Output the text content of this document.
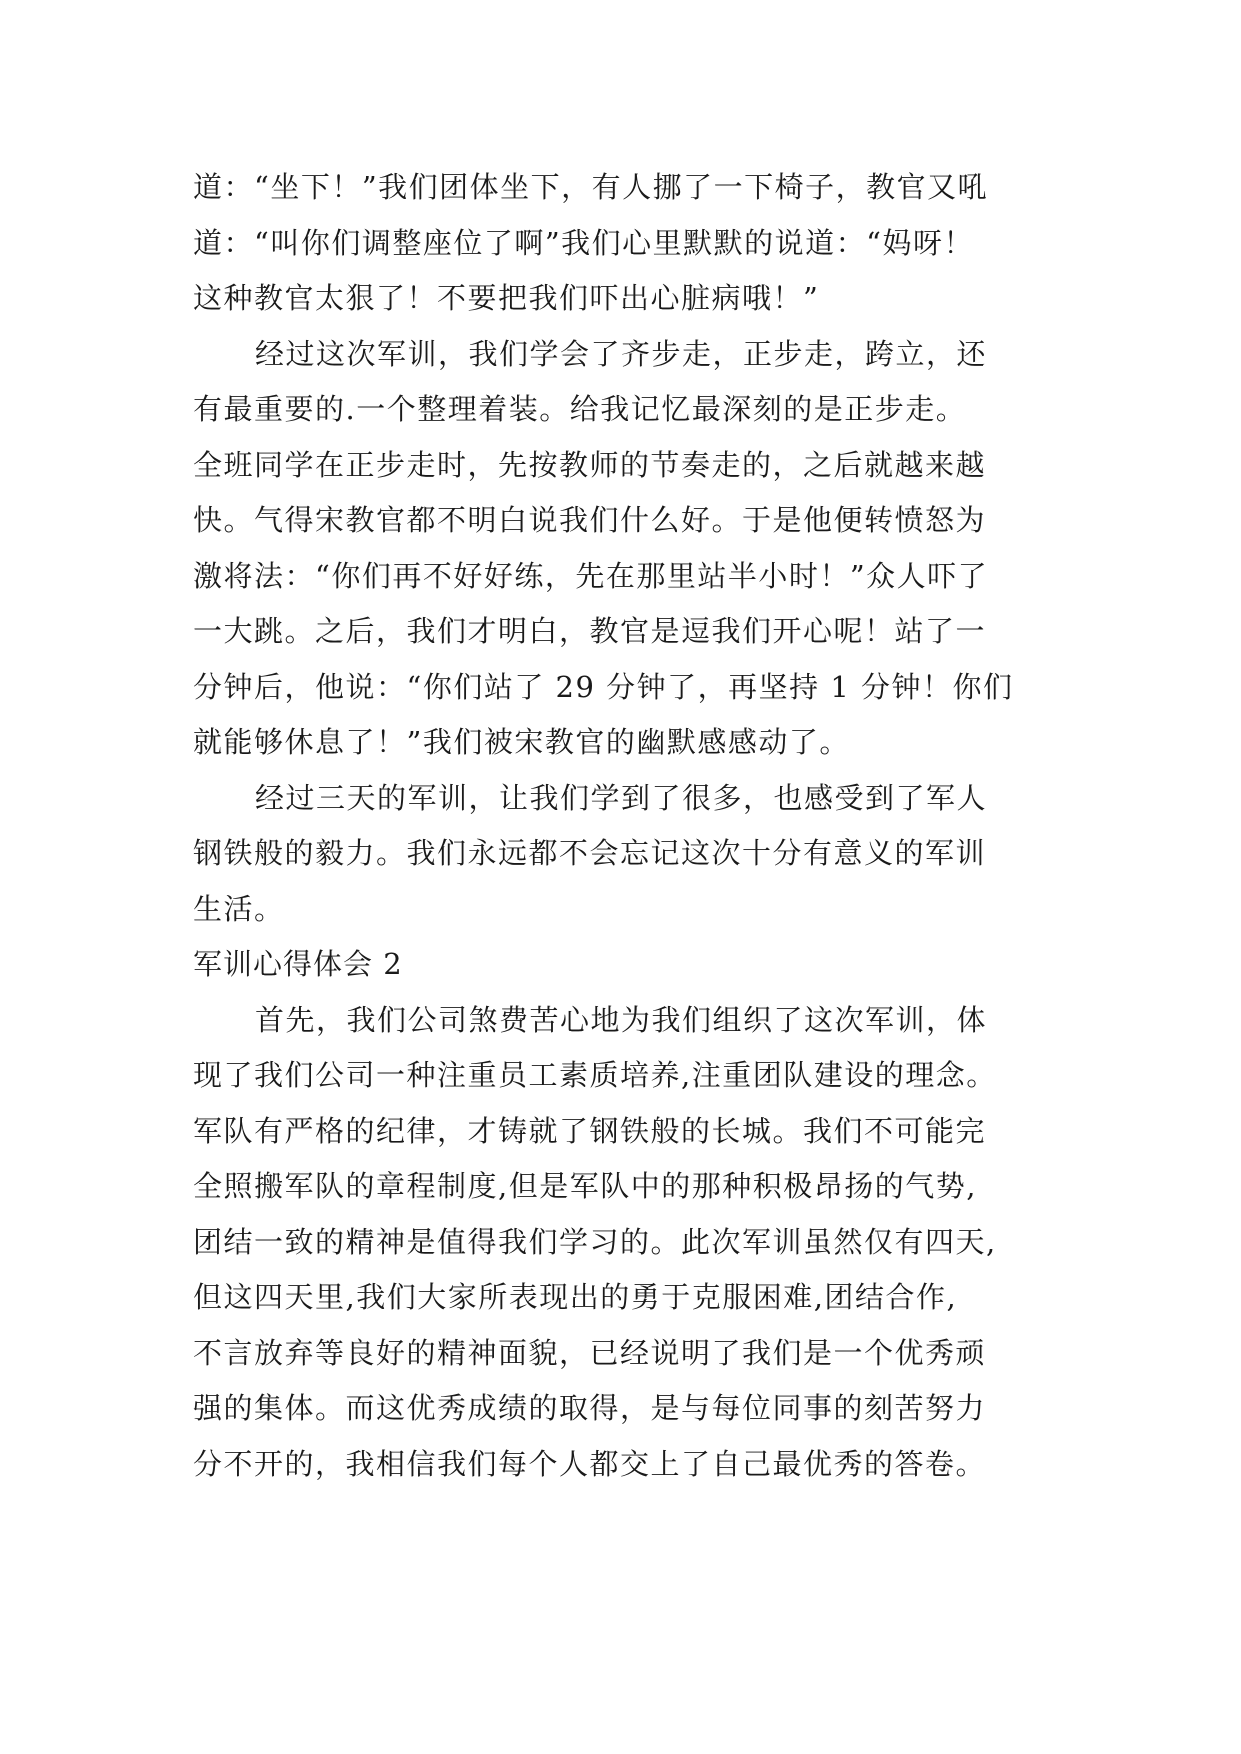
道：“坐下！”我们团体坐下，有人挪了一下椅子，教官又吼
道：“叫你们调整座位了啊”我们心里默默的说道：“妈呀！
这种教官太狠了！不要把我们吓出心脏病哦！”
经过这次军训，我们学会了齐步走，正步走，跨立，还
有最重要的.一个整理着装。给我记忆最深刻的是正步走。
全班同学在正步走时，先按教师的节奏走的，之后就越来越
快。气得宋教官都不明白说我们什么好。于是他便转愤怒为
激将法：“你们再不好好练，先在那里站半小时！”众人吓了
一大跳。之后，我们才明白，教官是逗我们开心呢！站了一
分钟后，他说：“你们站了 29 分钟了，再坚持 1 分钟！你们
就能够休息了！”我们被宋教官的幽默感感动了。
经过三天的军训，让我们学到了很多，也感受到了军人
钢铁般的毅力。我们永远都不会忘记这次十分有意义的军训
生活。
军训心得体会 2
首先，我们公司煞费苦心地为我们组织了这次军训，体
现了我们公司一种注重员工素质培养,注重团队建设的理念。
军队有严格的纪律，才铸就了钢铁般的长城。我们不可能完
全照搬军队的章程制度,但是军队中的那种积极昂扬的气势,
团结一致的精神是值得我们学习的。此次军训虽然仅有四天,
但这四天里,我们大家所表现出的勇于克服困难,团结合作,
不言放弃等良好的精神面貌，已经说明了我们是一个优秀顽
强的集体。而这优秀成绩的取得，是与每位同事的刻苦努力
分不开的，我相信我们每个人都交上了自己最优秀的答卷。
